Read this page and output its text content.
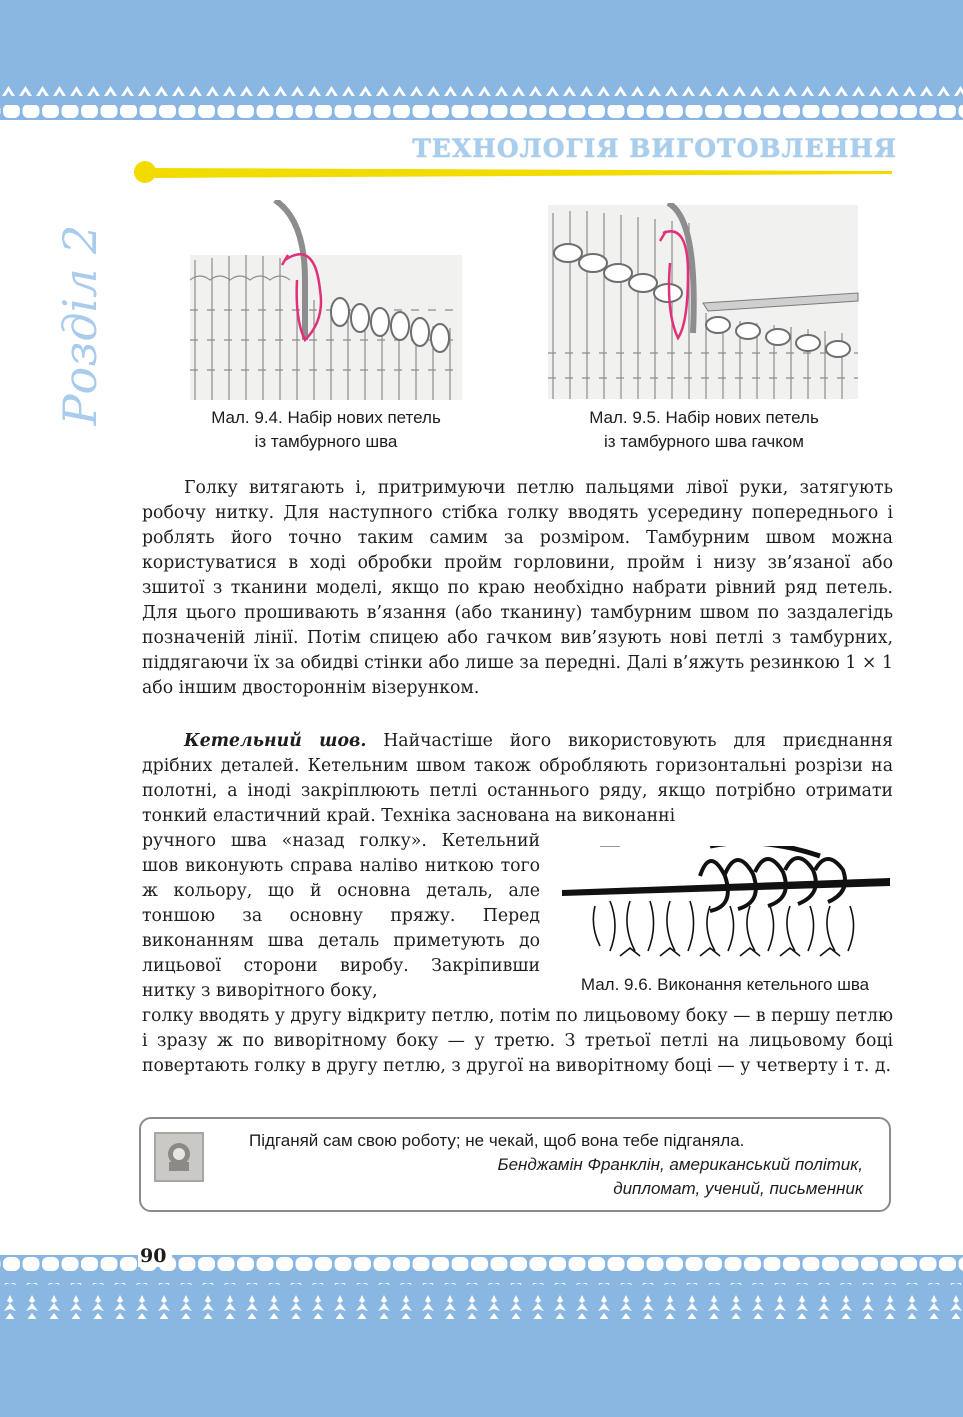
ТЕХНОЛОГІЯ ВИГОТОВЛЕННЯ
Розділ 2	Мал. 9.4. Набір нових петель
із тамбурного шва
Мал. 9.5. Набір нових петель
із тамбурного шва гачком

Голку витягають і, притримуючи петлю пальцями лівої руки, затягують робочу нитку. Для наступного стібка голку вводять усередину попереднього і роблять його точно таким самим за розміром. Тамбурним швом можна користуватися в ході обробки пройм горловини, пройм і низу зв’язаної або зшитої з тканини моделі, якщо по краю необхідно набрати рівний ряд петель. Для цього прошивають в’язання (або тканину) тамбурним швом по заздалегідь позначеній лінії. Потім спицею або гачком вив’язують нові петлі з тамбурних, піддягаючи їх за обидві стінки або лише за передні. Далі в’яжуть резинкою 1 × 1 або іншим двостороннім візерунком.

Кетельний шов. Найчастіше його використовують для приєднання дрібних деталей. Кетельним швом також обробляють горизонтальні розрізи на полотні, а іноді закріплюють петлі останнього ряду, якщо потрібно отримати тонкий еластичний край. Техніка заснована на виконанні

ручного шва «назад голку». Кетельний шов виконують справа наліво ниткою того ж кольору, що й основна деталь, але тоншою за основну пряжу. Перед виконанням шва деталь приметують до лицьової сторони виробу. Закріпивши нитку з виворітного боку,	Мал. 9.6. Виконання кетельного шва

голку вводять у другу відкриту петлю, потім по лицьовому боку — в першу петлю і зразу ж по виворітному боку — у третю. З третьої петлі на лицьовому боці повертають голку в другу петлю, з другої на виворітному боці — у четверту і т. д.

Підганяй сам свою роботу; не чекай, щоб вона тебе підганяла.
Бенджамін Франклін, американський політик,
дипломат, учений, письменник
90
